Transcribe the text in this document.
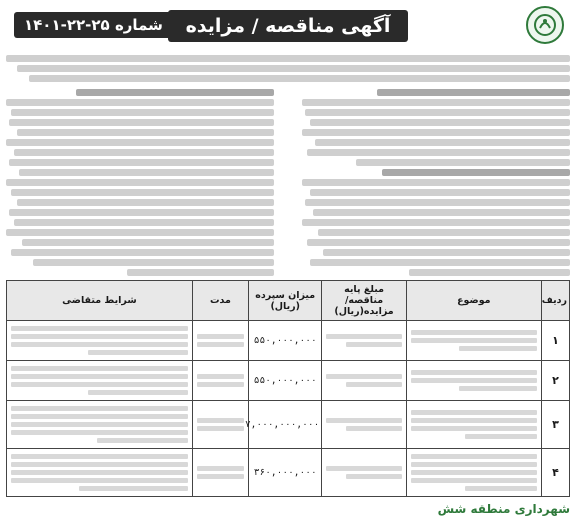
آگهی مناقصه / مزایده
شماره ۲۵-۲۲-۱۴۰۱
ردیف	موضوع	مبلغ پایه مناقصه/ مزایده(ریال)	میزان سپرده (ریال)	مدت	شرایط متقاضی
۱			۵۵۰,۰۰۰,۰۰۰	

۲			۵۵۰,۰۰۰,۰۰۰	

۳			۷,۰۰۰,۰۰۰,۰۰۰	

۴			۳۶۰,۰۰۰,۰۰۰	

شهرداری منطقه شش
